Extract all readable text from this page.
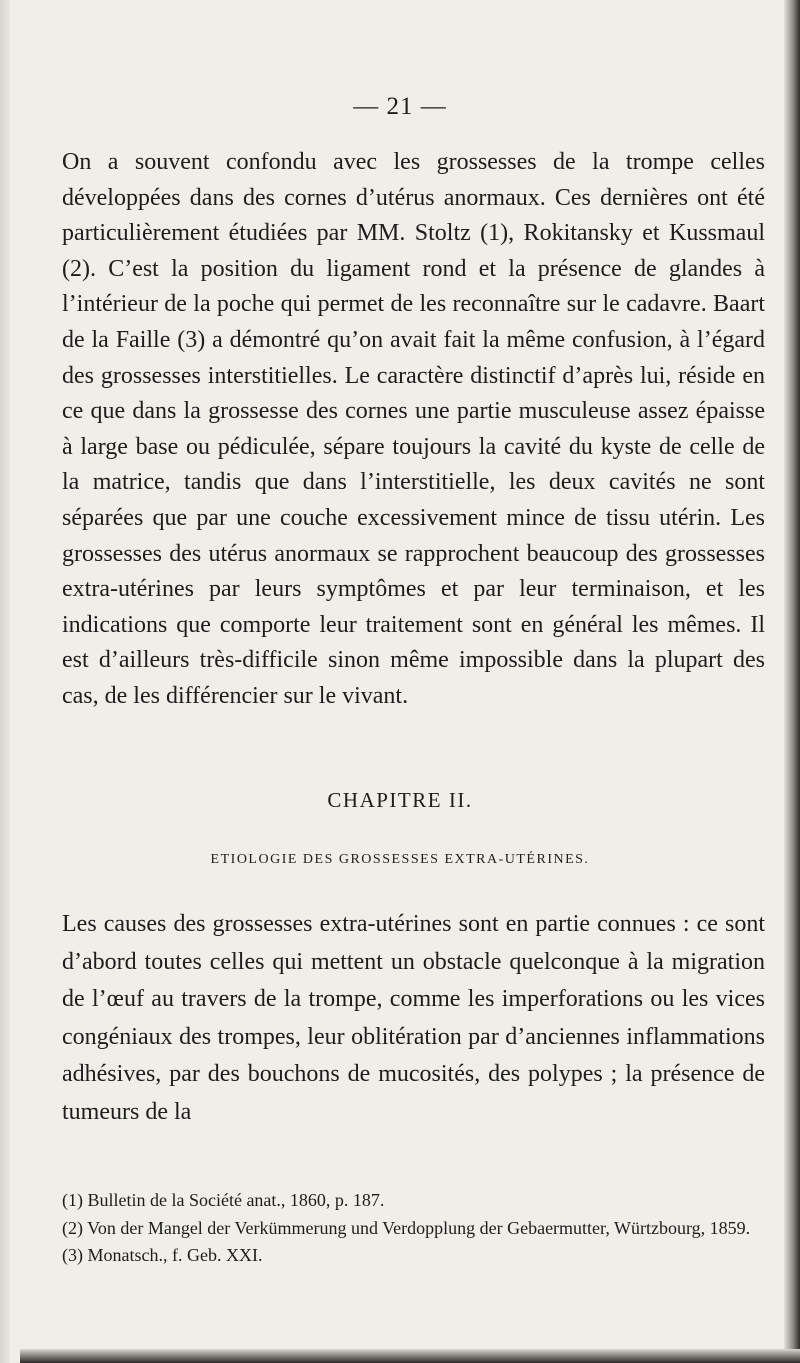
— 21 —

On a souvent confondu avec les grossesses de la trompe celles développées dans des cornes d’utérus anormaux. Ces dernières ont été particulièrement étudiées par MM. Stoltz (1), Rokitansky et Kussmaul (2). C’est la position du ligament rond et la présence de glandes à l’intérieur de la poche qui permet de les reconnaître sur le cadavre. Baart de la Faille (3) a démontré qu’on avait fait la même confusion, à l’égard des grossesses interstitielles. Le caractère distinctif d’après lui, réside en ce que dans la grossesse des cornes une partie musculeuse assez épaisse à large base ou pédiculée, sépare toujours la cavité du kyste de celle de la matrice, tandis que dans l’interstitielle, les deux cavités ne sont séparées que par une couche excessivement mince de tissu utérin. Les grossesses des utérus anormaux se rapprochent beaucoup des grossesses extra-utérines par leurs symptômes et par leur terminaison, et les indications que comporte leur traitement sont en général les mêmes. Il est d’ailleurs très-difficile sinon même impossible dans la plupart des cas, de les différencier sur le vivant.

CHAPITRE II.
ETIOLOGIE DES GROSSESSES EXTRA-UTÉRINES.

Les causes des grossesses extra-utérines sont en partie connues : ce sont d’abord toutes celles qui mettent un obstacle quelconque à la migration de l’œuf au travers de la trompe, comme les imperforations ou les vices congéniaux des trompes, leur oblitération par d’anciennes inflammations adhésives, par des bouchons de mucosités, des polypes ; la présence de tumeurs de la

(1) Bulletin de la Société anat., 1860, p. 187.

(2) Von der Mangel der Verkümmerung und Verdopplung der Gebaermutter, Würtzbourg, 1859.

(3) Monatsch., f. Geb. XXI.
